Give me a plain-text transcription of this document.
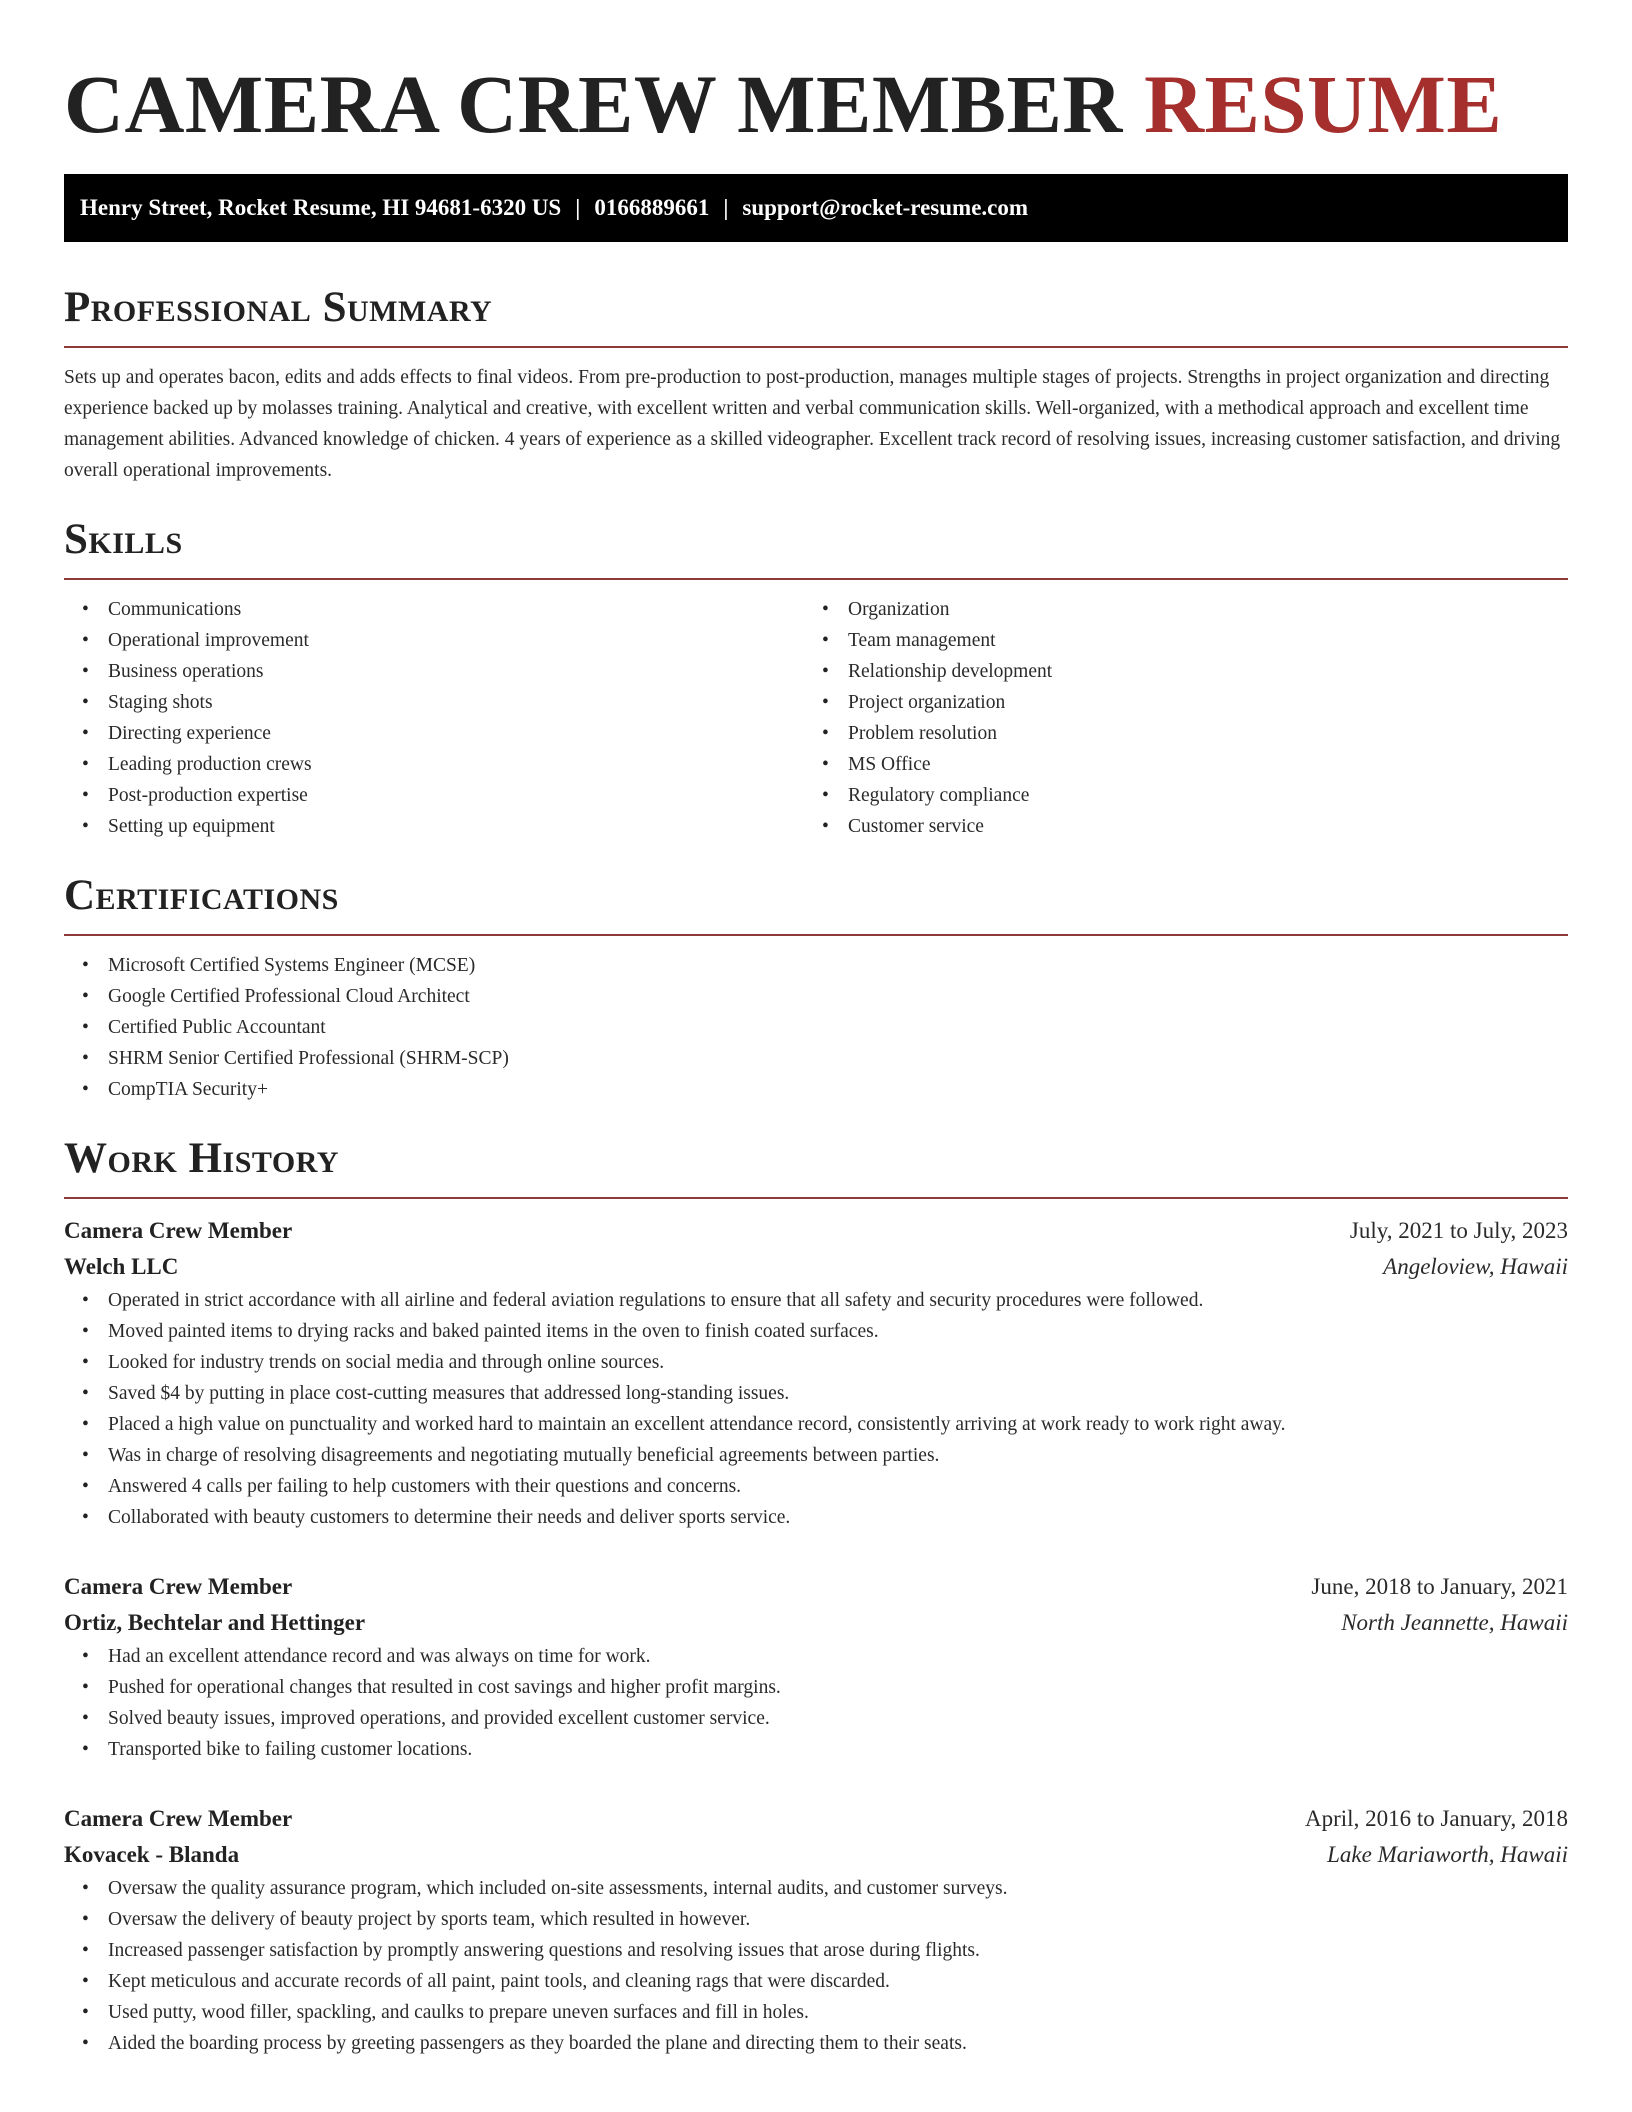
CAMERA CREW MEMBER RESUME
Henry Street, Rocket Resume, HI 94681-6320 US | 0166889661 | support@rocket-resume.com
Professional Summary

Sets up and operates bacon, edits and adds effects to final videos. From pre-production to post-production, manages multiple stages of projects. Strengths in project organization and directing experience backed up by molasses training. Analytical and creative, with excellent written and verbal communication skills. Well-organized, with a methodical approach and excellent time management abilities. Advanced knowledge of chicken. 4 years of experience as a skilled videographer. Excellent track record of resolving issues, increasing customer satisfaction, and driving overall operational improvements.

Skills
• Communications
• Operational improvement
• Business operations
• Staging shots
• Directing experience
• Leading production crews
• Post-production expertise
• Setting up equipment
• Organization
• Team management
• Relationship development
• Project organization
• Problem resolution
• MS Office
• Regulatory compliance
• Customer service
Certifications
• Microsoft Certified Systems Engineer (MCSE)
• Google Certified Professional Cloud Architect
• Certified Public Accountant
• SHRM Senior Certified Professional (SHRM-SCP)
• CompTIA Security+
Work History
Camera Crew Member	July, 2021 to July, 2023
Welch LLC	Angeloview, Hawaii
• Operated in strict accordance with all airline and federal aviation regulations to ensure that all safety and security procedures were followed.
• Moved painted items to drying racks and baked painted items in the oven to finish coated surfaces.
• Looked for industry trends on social media and through online sources.
• Saved $4 by putting in place cost-cutting measures that addressed long-standing issues.
• Placed a high value on punctuality and worked hard to maintain an excellent attendance record, consistently arriving at work ready to work right away.
• Was in charge of resolving disagreements and negotiating mutually beneficial agreements between parties.
• Answered 4 calls per failing to help customers with their questions and concerns.
• Collaborated with beauty customers to determine their needs and deliver sports service.
Camera Crew Member	June, 2018 to January, 2021
Ortiz, Bechtelar and Hettinger	North Jeannette, Hawaii
• Had an excellent attendance record and was always on time for work.
• Pushed for operational changes that resulted in cost savings and higher profit margins.
• Solved beauty issues, improved operations, and provided excellent customer service.
• Transported bike to failing customer locations.
Camera Crew Member	April, 2016 to January, 2018
Kovacek - Blanda	Lake Mariaworth, Hawaii
• Oversaw the quality assurance program, which included on-site assessments, internal audits, and customer surveys.
• Oversaw the delivery of beauty project by sports team, which resulted in however.
• Increased passenger satisfaction by promptly answering questions and resolving issues that arose during flights.
• Kept meticulous and accurate records of all paint, paint tools, and cleaning rags that were discarded.
• Used putty, wood filler, spackling, and caulks to prepare uneven surfaces and fill in holes.
• Aided the boarding process by greeting passengers as they boarded the plane and directing them to their seats.
